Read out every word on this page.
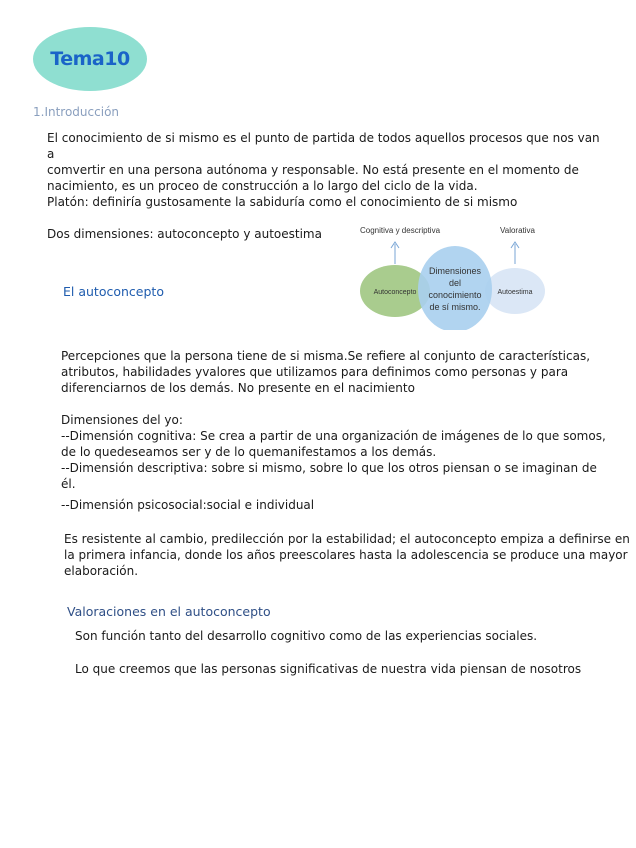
Tema10
1.Introducción

El conocimiento de si mismo es el punto de partida de todos aquellos procesos que nos van a

comvertir en una persona autónoma y responsable. No está presente en el momento de

nacimiento, es un proceo de construcción a lo largo del ciclo de la vida.

Platón: definiría gustosamente la sabiduría como el conocimiento de si mismo
Dos dimensiones: autoconcepto y autoestima	Cognitiva y descriptiva	Valorativa
Autoconcepto	Autoestima
Dimensiones
del
conocimiento
de sí mismo.
El autoconcepto

Percepciones que la persona tiene de si misma.Se refiere al conjunto de características,

atributos, habilidades yvalores que utilizamos para definimos como personas y para

diferenciarnos de los demás. No presente en el nacimiento

Dimensiones del yo:

--Dimensión cognitiva: Se crea a partir de una organización de imágenes de lo que somos,

de lo quedeseamos ser y de lo quemanifestamos a los demás.

--Dimensión descriptiva: sobre si mismo, sobre lo que los otros piensan o se imaginan de

él.

--Dimensión psicosocial:social e individual

Es resistente al cambio, predilección por la estabilidad; el autoconcepto empiza a definirse en

la primera infancia, donde los años preescolares hasta la adolescencia se produce una mayor

elaboración.

Valoraciones en el autoconcepto
Son función tanto del desarrollo cognitivo como de las experiencias sociales.
Lo que creemos que las personas significativas de nuestra vida piensan de nosotros
